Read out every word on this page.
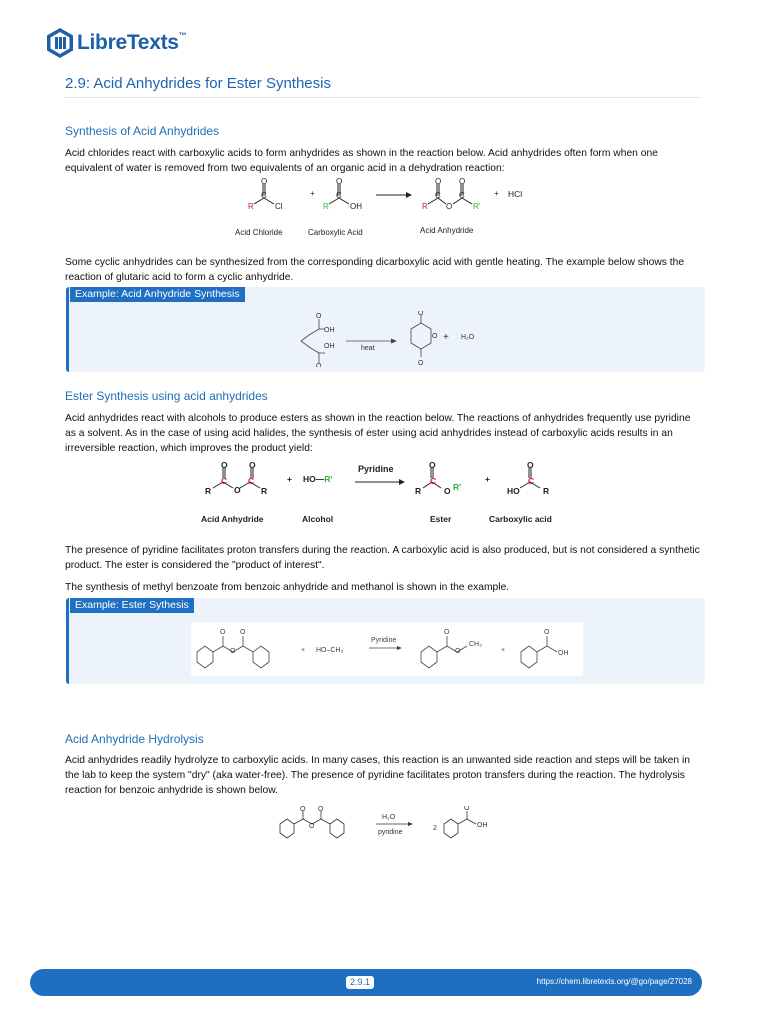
LibreTexts™
2.9: Acid Anhydrides for Ester Synthesis
Synthesis of Acid Anhydrides

Acid chlorides react with carboxylic acids to form anhydrides as shown in the reaction below. Acid anhydrides often form when one equivalent of water is removed from two equivalents of an organic acid in a dehydration reaction:

O
C
Cl
O
C
OH
O
C
O
O
C
+	+
R	R
R'	R'
HCl
Acid Chloride	Carboxylic Acid	Acid Anhydride

Some cyclic anhydrides can be synthesized from the corresponding dicarboxylic acid with gentle heating. The example below shows the reaction of glutaric acid to form a cyclic anhydride.

Example: Acid Anhydride Synthesis
O
O
OH
OH
O
O
O
heat
H₂O
+
Ester Synthesis using acid anhydrides

Acid anhydrides react with alcohols to produce esters as shown in the reaction below. The reactions of anhydrides frequently use pyridine as a solvent. As in the case of using acid halides, the synthesis of ester using acid anhydrides instead of carboxylic acids results in an irreversible reaction, which improves the product yield:

O	O
O
O
O
O
HO
+	+
R
R
C C	C	C
R	R
HO—R'
R'
Pyridine
Acid Anhydride	Alcohol	Ester	Carboxylic acid

The presence of pyridine facilitates proton transfers during the reaction. A carboxylic acid is also produced, but is not considered a synthetic product. The ester is considered the "product of interest".

The synthesis of methyl benzoate from benzoic anhydride and methanol is shown in the example.

Example: Ester Sythesis
O O
O	+ HO–CH₃
Pyridine
O
O
CH₃
+
O
OH
Acid Anhydride Hydrolysis

Acid anhydrides readily hydrolyze to carboxylic acids. In many cases, this reaction is an unwanted side reaction and steps will be taken in the lab to keep the system "dry" (aka water-free). The presence of pyridine facilitates proton transfers during the reaction. The hydrolysis reaction for benzoic anhydride is shown below.

O O
O
H₂O
pyridine
2
O
OH
2.9.1	https://chem.libretexts.org/@go/page/27028
